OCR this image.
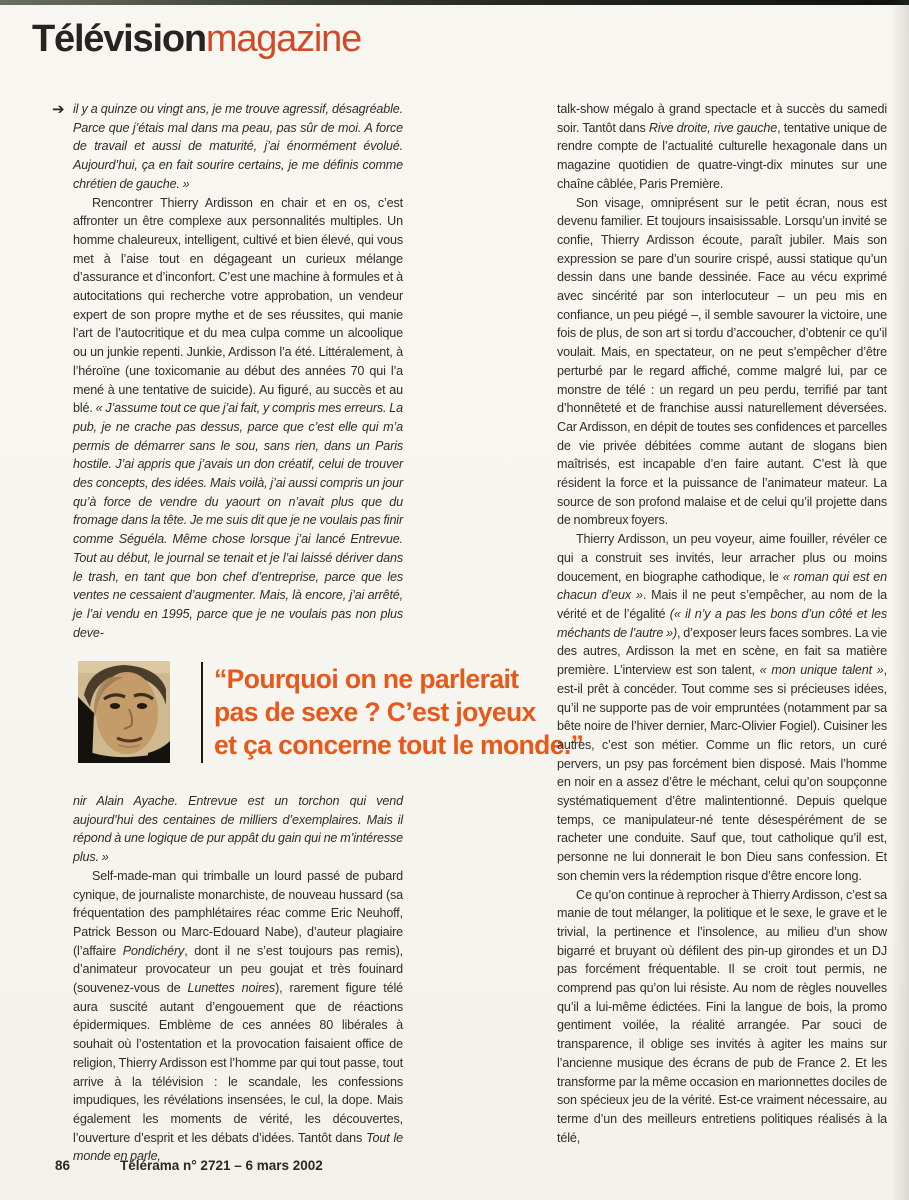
Télévisionmagazine

➔ il y a quinze ou vingt ans, je me trouve agressif, désagréable. Parce que j’étais mal dans ma peau, pas sûr de moi. A force de travail et aussi de maturité, j’ai énormément évolué. Aujourd’hui, ça en fait sourire certains, je me définis comme chrétien de gauche. »

Rencontrer Thierry Ardisson en chair et en os, c’est affronter un être complexe aux personnalités multiples. Un homme chaleureux, intelligent, cultivé et bien élevé, qui vous met à l’aise tout en dégageant un curieux mélange d’assurance et d’inconfort. C’est une machine à formules et à autocitations qui recherche votre approbation, un vendeur expert de son propre mythe et de ses réussites, qui manie l’art de l’autocritique et du mea culpa comme un alcoolique ou un junkie repenti. Junkie, Ardisson l’a été. Littéralement, à l’héroïne (une toxicomanie au début des années 70 qui l’a mené à une tentative de suicide). Au figuré, au succès et au blé. « J’assume tout ce que j’ai fait, y compris mes erreurs. La pub, je ne crache pas dessus, parce que c’est elle qui m’a permis de démarrer sans le sou, sans rien, dans un Paris hostile. J’ai appris que j’avais un don créatif, celui de trouver des concepts, des idées. Mais voilà, j’ai aussi compris un jour qu’à force de vendre du yaourt on n’avait plus que du fromage dans la tête. Je me suis dit que je ne voulais pas finir comme Séguéla. Même chose lorsque j’ai lancé Entrevue. Tout au début, le journal se tenait et je l’ai laissé dériver dans le trash, en tant que bon chef d’entreprise, parce que les ventes ne cessaient d’augmenter. Mais, là encore, j’ai arrêté, je l’ai vendu en 1995, parce que je ne voulais pas non plus deve-

“Pourquoi on ne parlerait
pas de sexe ? C’est joyeux
et ça concerne tout le monde.”

nir Alain Ayache. Entrevue est un torchon qui vend aujourd’hui des centaines de milliers d’exemplaires. Mais il répond à une logique de pur appât du gain qui ne m’intéresse plus. »

Self-made-man qui trimballe un lourd passé de pubard cynique, de journaliste monarchiste, de nouveau hussard (sa fréquentation des pamphlétaires réac comme Eric Neuhoff, Patrick Besson ou Marc-Edouard Nabe), d’auteur plagiaire (l’affaire Pondichéry, dont il ne s’est toujours pas remis), d’animateur provocateur un peu goujat et très fouinard (souvenez-vous de Lunettes noires), rarement figure télé aura suscité autant d’engouement que de réactions épidermiques. Emblème de ces années 80 libérales à souhait où l’ostentation et la provocation faisaient office de religion, Thierry Ardisson est l’homme par qui tout passe, tout arrive à la télévision : le scandale, les confessions impudiques, les révélations insensées, le cul, la dope. Mais également les moments de vérité, les découvertes, l’ouverture d’esprit et les débats d’idées. Tantôt dans Tout le monde en parle,

talk-show mégalo à grand spectacle et à succès du samedi soir. Tantôt dans Rive droite, rive gauche, tentative unique de rendre compte de l’actualité culturelle hexagonale dans un magazine quotidien de quatre-vingt-dix minutes sur une chaîne câblée, Paris Première.

Son visage, omniprésent sur le petit écran, nous est devenu familier. Et toujours insaisissable. Lorsqu’un invité se confie, Thierry Ardisson écoute, paraît jubiler. Mais son expression se pare d’un sourire crispé, aussi statique qu’un dessin dans une bande dessinée. Face au vécu exprimé avec sincérité par son interlocuteur – un peu mis en confiance, un peu piégé –, il semble savourer la victoire, une fois de plus, de son art si tordu d’accoucher, d’obtenir ce qu’il voulait. Mais, en spectateur, on ne peut s’empêcher d’être perturbé par le regard affiché, comme malgré lui, par ce monstre de télé : un regard un peu perdu, terrifié par tant d’honnêteté et de franchise aussi naturellement déversées. Car Ardisson, en dépit de toutes ses confidences et parcelles de vie privée débitées comme autant de slogans bien maîtrisés, est incapable d’en faire autant. C’est là que résident la force et la puissance de l’animateur mateur. La source de son profond malaise et de celui qu’il projette dans de nombreux foyers.

Thierry Ardisson, un peu voyeur, aime fouiller, révéler ce qui a construit ses invités, leur arracher plus ou moins doucement, en biographe cathodique, le « roman qui est en chacun d’eux ». Mais il ne peut s’empêcher, au nom de la vérité et de l’égalité (« il n’y a pas les bons d’un côté et les méchants de l’autre »), d’exposer leurs faces sombres. La vie des autres, Ardisson la met en scène, en fait sa matière première. L’interview est son talent, « mon unique talent », est-il prêt à concéder. Tout comme ses si précieuses idées, qu’il ne supporte pas de voir empruntées (notamment par sa bête noire de l’hiver dernier, Marc-Olivier Fogiel). Cuisiner les autres, c’est son métier. Comme un flic retors, un curé pervers, un psy pas forcément bien disposé. Mais l’homme en noir en a assez d’être le méchant, celui qu’on soupçonne systématiquement d’être malintentionné. Depuis quelque temps, ce manipulateur-né tente désespérément de se racheter une conduite. Sauf que, tout catholique qu’il est, personne ne lui donnerait le bon Dieu sans confession. Et son chemin vers la rédemption risque d’être encore long.

Ce qu’on continue à reprocher à Thierry Ardisson, c’est sa manie de tout mélanger, la politique et le sexe, le grave et le trivial, la pertinence et l’insolence, au milieu d’un show bigarré et bruyant où défilent des pin-up girondes et un DJ pas forcément fréquentable. Il se croit tout permis, ne comprend pas qu’on lui résiste. Au nom de règles nouvelles qu’il a lui-même édictées. Fini la langue de bois, la promo gentiment voilée, la réalité arrangée. Par souci de transparence, il oblige ses invités à agiter les mains sur l’ancienne musique des écrans de pub de France 2. Et les transforme par la même occasion en marionnettes dociles de son spécieux jeu de la vérité. Est-ce vraiment nécessaire, au terme d’un des meilleurs entretiens politiques réalisés à la télé,

86	Télérama n° 2721 – 6 mars 2002
